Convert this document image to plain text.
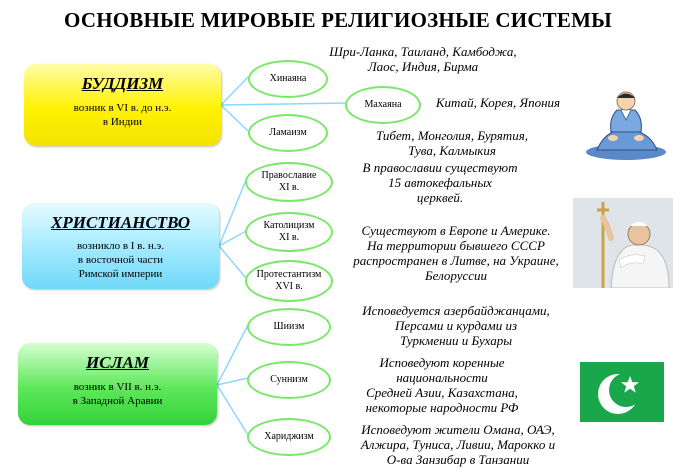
ОСНОВНЫЕ МИРОВЫЕ РЕЛИГИОЗНЫЕ СИСТЕМЫ
БУДДИЗМ
возник в VI в. до н.э.
в Индии
ХРИСТИАНСТВО
возникло в I в. н.э.
в восточной части
Римской империи
ИСЛАМ
возник в VII в. н.э.
в Западной Аравии
Хинаяна
Махаяна
Ламаизм
Православие
XI в.
Католицизм
XI в.
Протестантизм
XVI в.
Шиизм
Суннизм
Хариджизм
Шри-Ланка, Таиланд, Камбоджа,
Лаос, Индия, Бирма
Китай, Корея, Япония
Тибет, Монголия, Бурятия,
Тува, Калмыкия
В православии существуют
15 автокефальных
церквей.
Существуют в Европе и Америке.
На территории бывшего СССР
распространен в Литве, на Украине,
Белоруссии
Исповедуется азербайджанцами,
Персами и курдами из
Туркмении и Бухары
Исповедуют коренные
национальности
Средней Азии, Казахстана,
некоторые народности РФ
Исповедуют жители Омана, ОАЭ,
Алжира, Туниса, Ливии, Марокко и
О-ва Занзибар в Танзании
